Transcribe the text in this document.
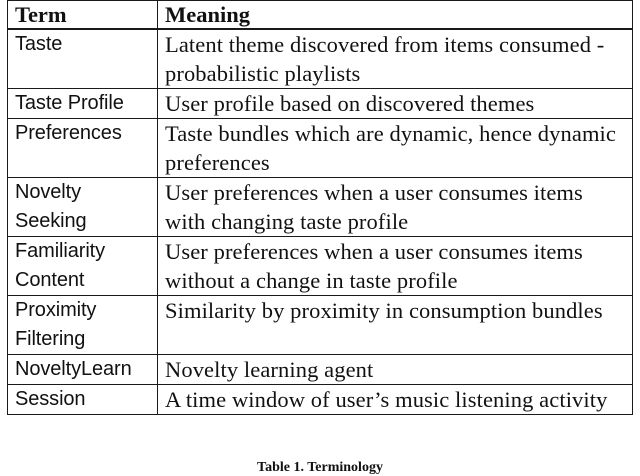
Term	Meaning
Taste	Latent theme discovered from items consumed - probabilistic playlists
Taste Profile	User profile based on discovered themes
Preferences	Taste bundles which are dynamic, hence dynamic preferences
Novelty Seeking	User preferences when a user consumes items with changing taste profile
Familiarity Content	User preferences when a user consumes items without a change in taste profile
Proximity Filtering	Similarity by proximity in consumption bundles
NoveltyLearn	Novelty learning agent
Session	A time window of user’s music listening activity
Table 1. Terminology
